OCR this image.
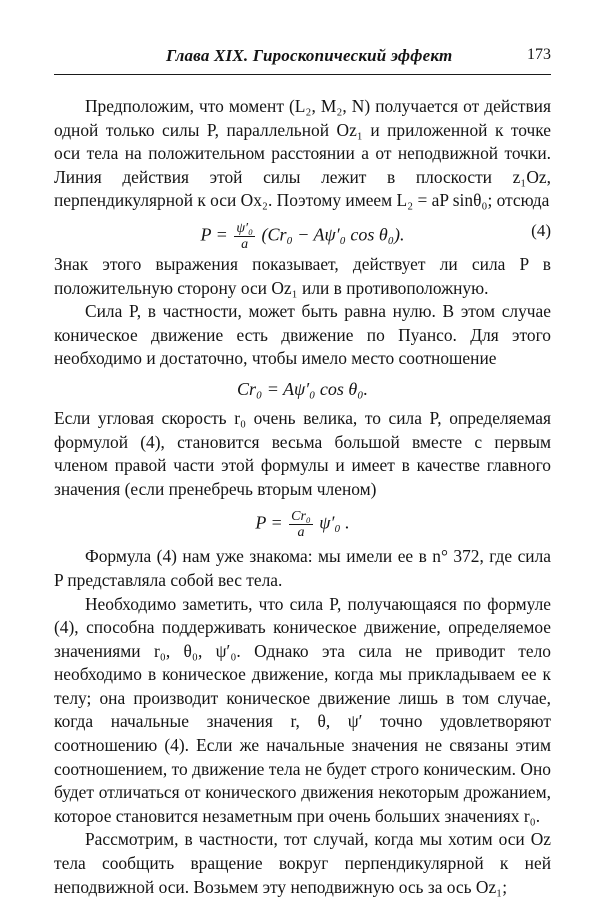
Глава XIX. Гироскопический эффект	173

Предположим, что момент (L₂, M₂, N) получается от действия одной только силы P, параллельной Oz₁ и приложенной к точке оси тела на положительном расстоянии a от неподвижной точки. Линия действия этой силы лежит в плоскости z₁Oz, перпендикулярной к оси Ox₂. Поэтому имеем L₂ = aP sinθ₀; отсюда

$P = \frac{\text{ψ′₀}}{a} (Cr_0 - A\psi'_0$ cos θ₀).	(4)

Знак этого выражения показывает, действует ли сила P в положительную сторону оси Oz₁ или в противоположную.

Сила P, в частности, может быть равна нулю. В этом случае коническое движение есть движение по Пуансо. Для этого необходимо и достаточно, чтобы имело место соотношение

Cr₀ = Aψ′₀ cos θ₀.

Если угловая скорость r₀ очень велика, то сила P, определяемая формулой (4), становится весьма большой вместе с первым членом правой части этой формулы и имеет в качестве главного значения (если пренебречь вторым членом)

$P = \frac{\text{Cr₀}}{a} \psi'_0$ .

Формула (4) нам уже знакома: мы имели ее в n° 372, где сила P представляла собой вес тела.

Необходимо заметить, что сила P, получающаяся по формуле (4), способна поддерживать коническое движение, определяемое значениями r₀, θ₀, ψ′₀. Однако эта сила не приводит тело необходимо в коническое движение, когда мы прикладываем ее к телу; она производит коническое движение лишь в том случае, когда начальные значения r, θ, ψ′ точно удовлетворяют соотношению (4). Если же начальные значения не связаны этим соотношением, то движение тела не будет строго коническим. Оно будет отличаться от конического движения некоторым дрожанием, которое становится незаметным при очень больших значениях r₀.

Рассмотрим, в частности, тот случай, когда мы хотим оси Oz тела сообщить вращение вокруг перпендикулярной к ней неподвижной оси. Возьмем эту неподвижную ось за ось Oz₁;
